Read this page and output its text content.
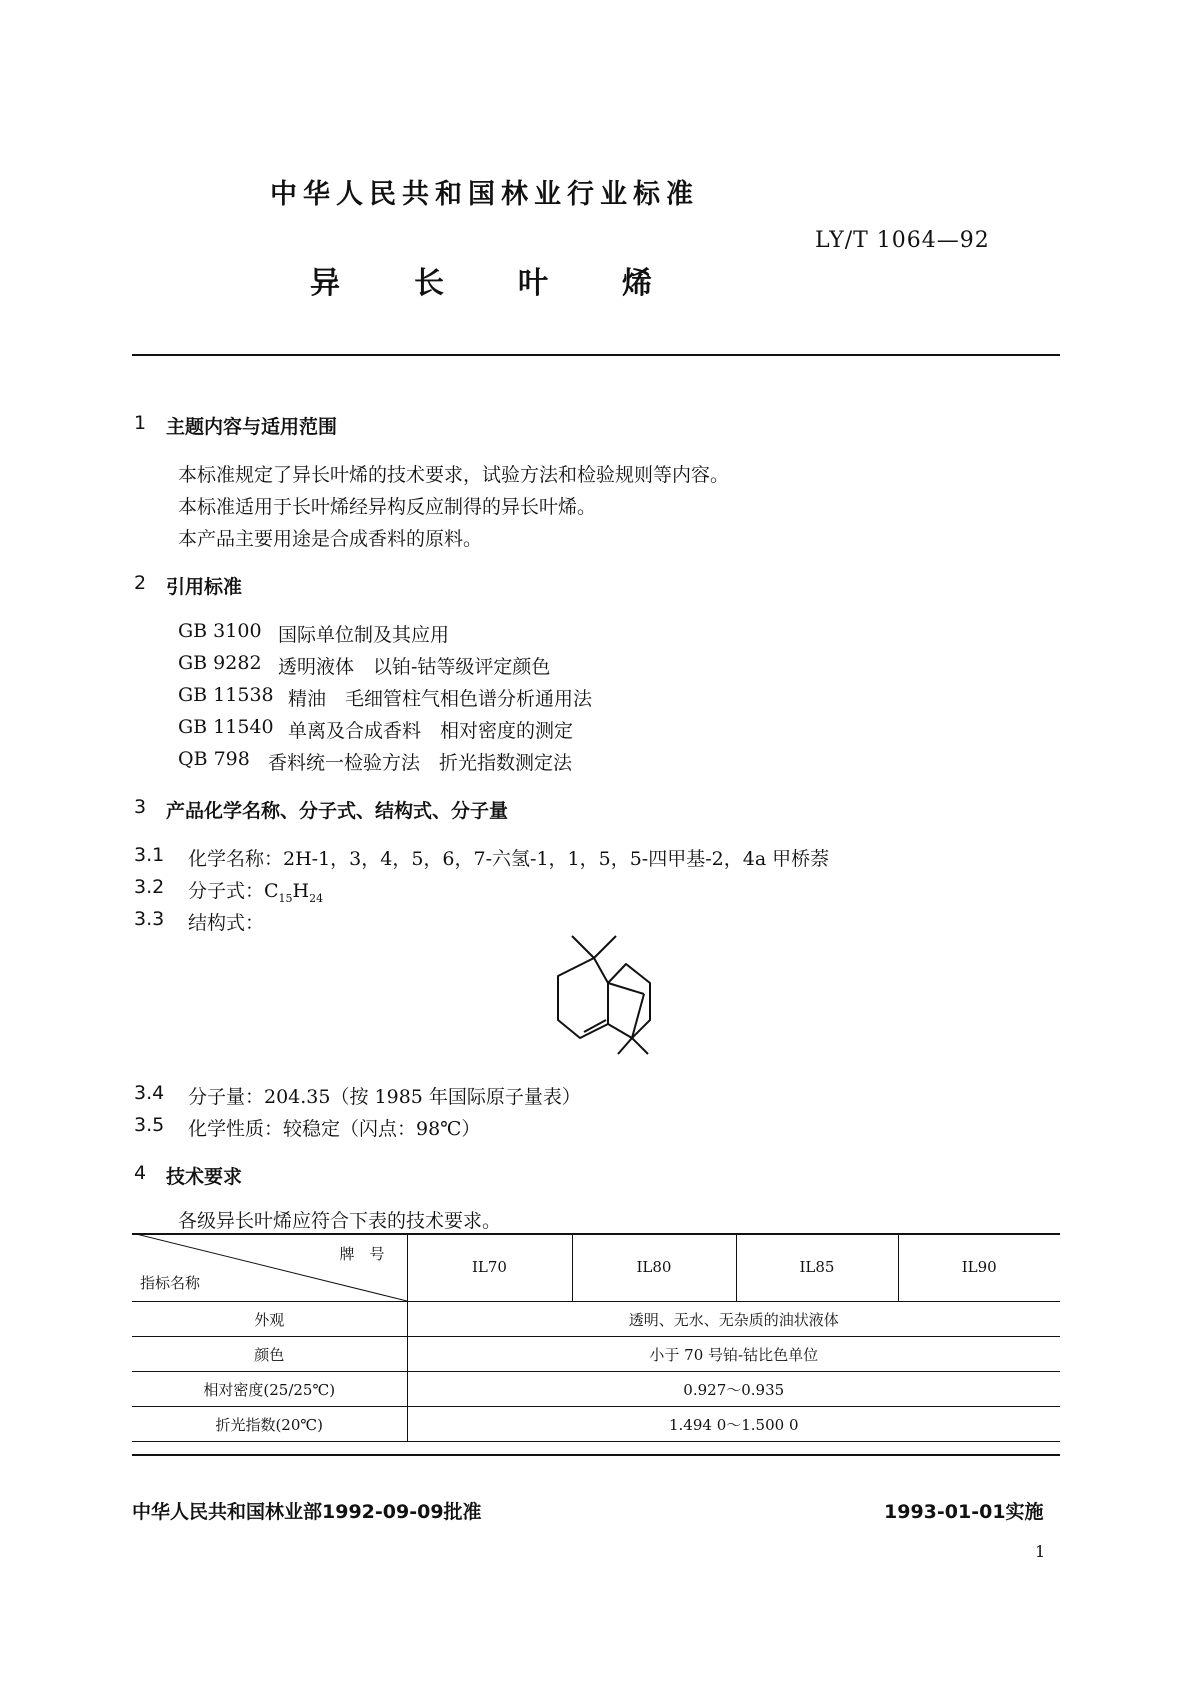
中华人民共和国林业行业标准
LY/T 1064—92
异 长 叶 烯
1 主题内容与适用范围
本标准规定了异长叶烯的技术要求，试验方法和检验规则等内容。
本标准适用于长叶烯经异构反应制得的异长叶烯。
本产品主要用途是合成香料的原料。
2 引用标准
GB 3100 国际单位制及其应用
GB 9282 透明液体　以铂-钴等级评定颜色
GB 11538 精油　毛细管柱气相色谱分析通用法
GB 11540 单离及合成香料　相对密度的测定
QB 798 香料统一检验方法　折光指数测定法
3 产品化学名称、分子式、结构式、分子量
3.1 化学名称：2H-1，3，4，5，6，7-六氢-1，1，5，5-四甲基-2，4a 甲桥萘
3.2 分子式：$C_{15}H_{24}$
3.3 结构式：
3.4 分子量：204.35（按 1985 年国际原子量表）
3.5 化学性质：较稳定（闪点：98℃）
4 技术要求
各级异长叶烯应符合下表的技术要求。
牌　号
指标名称	IL70	IL80	IL85	IL90
外观	透明、无水、无杂质的油状液体			
颜色	小于 70 号铂-钴比色单位			
相对密度(25/25℃)	0.927～0.935			
折光指数(20℃)	1.494 0～1.500 0			
中华人民共和国林业部1992-09-09批准	1993-01-01实施
1
